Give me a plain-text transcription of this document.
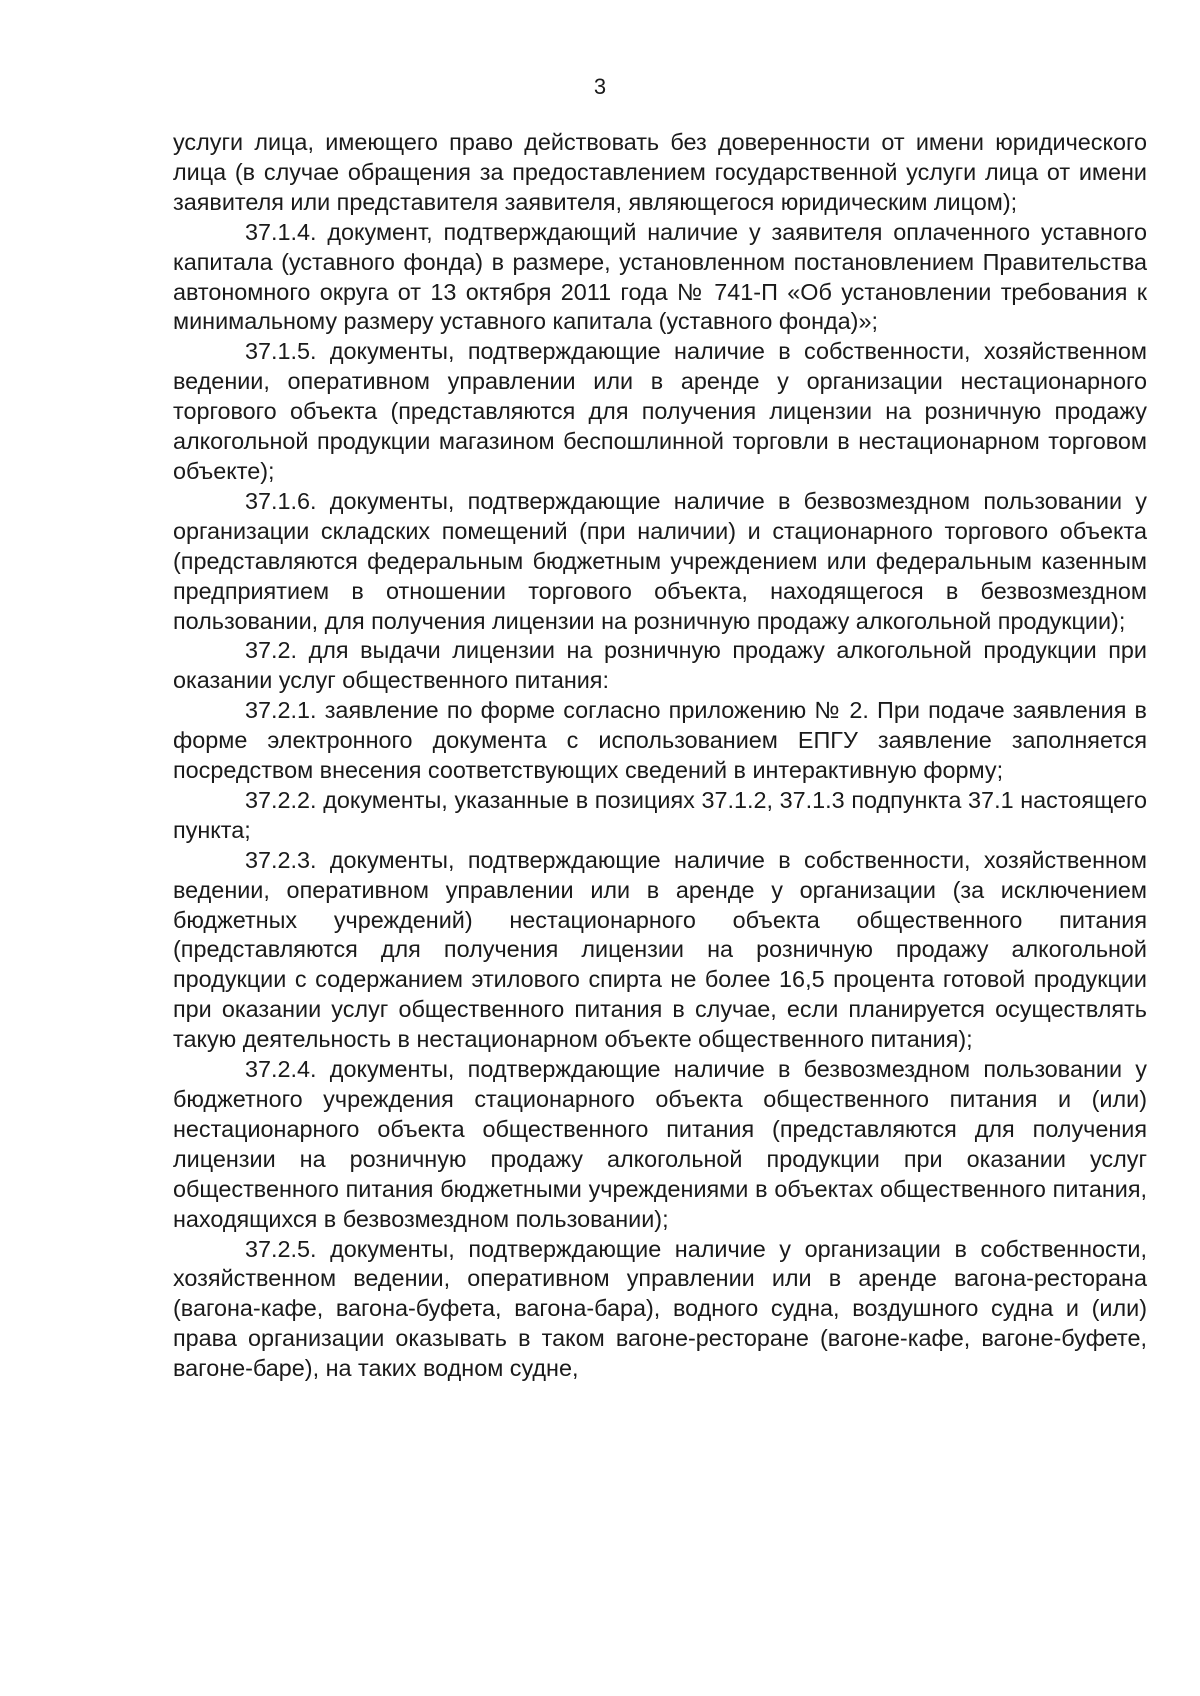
3

услуги лица, имеющего право действовать без доверенности от имени юридического лица (в случае обращения за предоставлением государственной услуги лица от имени заявителя или представителя заявителя, являющегося юридическим лицом);

37.1.4. документ, подтверждающий наличие у заявителя оплаченного уставного капитала (уставного фонда) в размере, установленном постановлением Правительства автономного округа от 13 октября 2011 года № 741-П «Об установлении требования к минимальному размеру уставного капитала (уставного фонда)»;

37.1.5. документы, подтверждающие наличие в собственности, хозяйственном ведении, оперативном управлении или в аренде у организации нестационарного торгового объекта (представляются для получения лицензии на розничную продажу алкогольной продукции магазином беспошлинной торговли в нестационарном торговом объекте);

37.1.6. документы, подтверждающие наличие в безвозмездном пользовании у организации складских помещений (при наличии) и стационарного торгового объекта (представляются федеральным бюджетным учреждением или федеральным казенным предприятием в отношении торгового объекта, находящегося в безвозмездном пользовании, для получения лицензии на розничную продажу алкогольной продукции);

37.2. для выдачи лицензии на розничную продажу алкогольной продукции при оказании услуг общественного питания:

37.2.1. заявление по форме согласно приложению № 2. При подаче заявления в форме электронного документа с использованием ЕПГУ заявление заполняется посредством внесения соответствующих сведений в интерактивную форму;

37.2.2. документы, указанные в позициях 37.1.2, 37.1.3 подпункта 37.1 настоящего пункта;

37.2.3. документы, подтверждающие наличие в собственности, хозяйственном ведении, оперативном управлении или в аренде у организации (за исключением бюджетных учреждений) нестационарного объекта общественного питания (представляются для получения лицензии на розничную продажу алкогольной продукции с содержанием этилового спирта не более 16,5 процента готовой продукции при оказании услуг общественного питания в случае, если планируется осуществлять такую деятельность в нестационарном объекте общественного питания);

37.2.4. документы, подтверждающие наличие в безвозмездном пользовании у бюджетного учреждения стационарного объекта общественного питания и (или) нестационарного объекта общественного питания (представляются для получения лицензии на розничную продажу алкогольной продукции при оказании услуг общественного питания бюджетными учреждениями в объектах общественного питания, находящихся в безвозмездном пользовании);

37.2.5. документы, подтверждающие наличие у организации в собственности, хозяйственном ведении, оперативном управлении или в аренде вагона-ресторана (вагона-кафе, вагона-буфета, вагона-бара), водного судна, воздушного судна и (или) права организации оказывать в таком вагоне-ресторане (вагоне-кафе, вагоне-буфете, вагоне-баре), на таких водном судне,
